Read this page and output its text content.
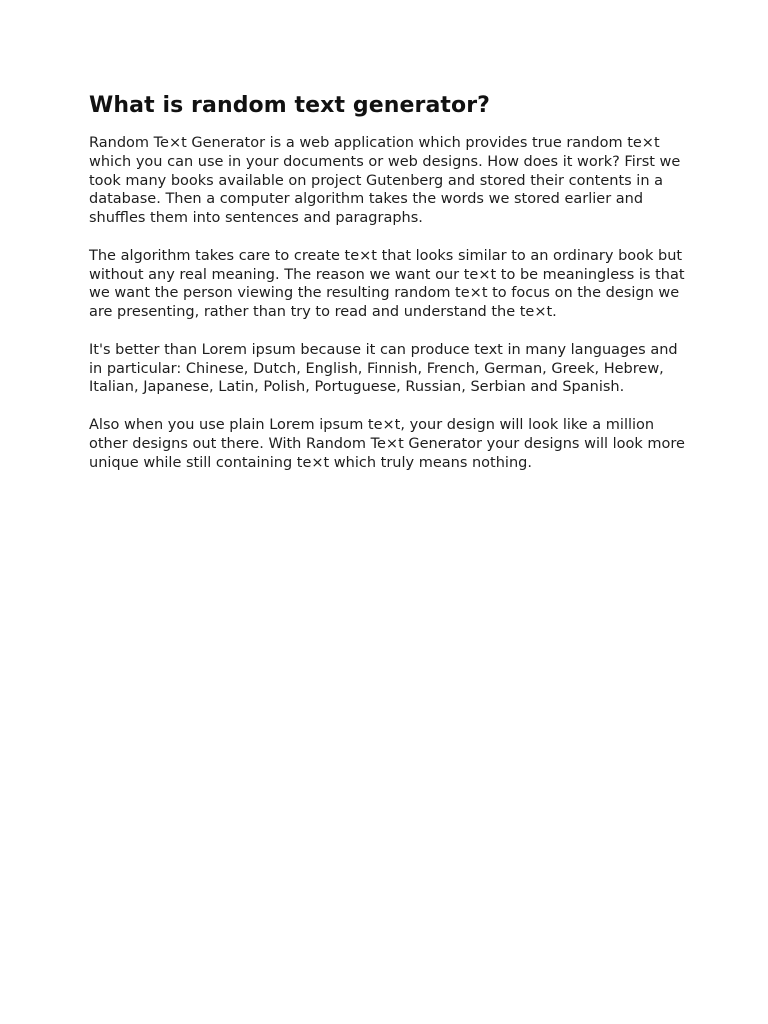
What is random text generator?

Random Te×t Generator is a web application which provides true random te×t which you can use in your documents or web designs. How does it work? First we took many books available on project Gutenberg and stored their contents in a database. Then a computer algorithm takes the words we stored earlier and shuffles them into sentences and paragraphs.

The algorithm takes care to create te×t that looks similar to an ordinary book but without any real meaning. The reason we want our te×t to be meaningless is that we want the person viewing the resulting random te×t to focus on the design we are presenting, rather than try to read and understand the te×t.

It's better than Lorem ipsum because it can produce text in many languages and in particular: Chinese, Dutch, English, Finnish, French, German, Greek, Hebrew, Italian, Japanese, Latin, Polish, Portuguese, Russian, Serbian and Spanish.

Also when you use plain Lorem ipsum te×t, your design will look like a million other designs out there. With Random Te×t Generator your designs will look more unique while still containing te×t which truly means nothing.
